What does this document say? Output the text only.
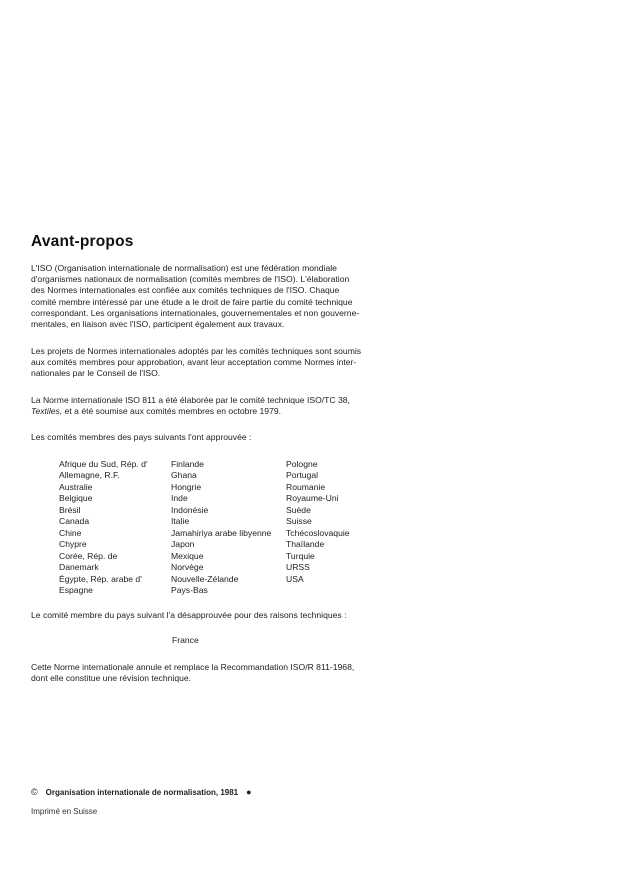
Avant-propos
L'ISO (Organisation internationale de normalisation) est une fédération mondiale
d'organismes nationaux de normalisation (comités membres de l'ISO). L'élaboration
des Normes internationales est confiée aux comités techniques de l'ISO. Chaque
comité membre intéressé par une étude a le droit de faire partie du comité technique
correspondant. Les organisations internationales, gouvernementales et non gouverne-
mentales, en liaison avec l'ISO, participent également aux travaux.
Les projets de Normes internationales adoptés par les comités techniques sont soumis
aux comités membres pour approbation, avant leur acceptation comme Normes inter-
nationales par le Conseil de l'ISO.
La Norme internationale ISO 811 a été élaborée par le comité technique ISO/TC 38,
Textiles, et a été soumise aux comités membres en octobre 1979.
Les comités membres des pays suivants l'ont approuvée :
Afrique du Sud, Rép. d'
Allemagne, R.F.
Australie
Belgique
Brésil
Canada
Chine
Chypre
Corée, Rép. de
Danemark
Égypte, Rép. arabe d'
Espagne
Finlande
Ghana
Hongrie
Inde
Indonésie
Italie
Jamahiriya arabe libyenne
Japon
Mexique
Norvège
Nouvelle-Zélande
Pays-Bas
Pologne
Portugal
Roumanie
Royaume-Uni
Suède
Suisse
Tchécoslovaquie
Thaïlande
Turquie
URSS
USA
Le comité membre du pays suivant l'a désapprouvée pour des raisons techniques :
France
Cette Norme internationale annule et remplace la Recommandation ISO/R 811-1968,
dont elle constitue une révision technique.
© Organisation internationale de normalisation, 1981 ●
Imprimé en Suisse
